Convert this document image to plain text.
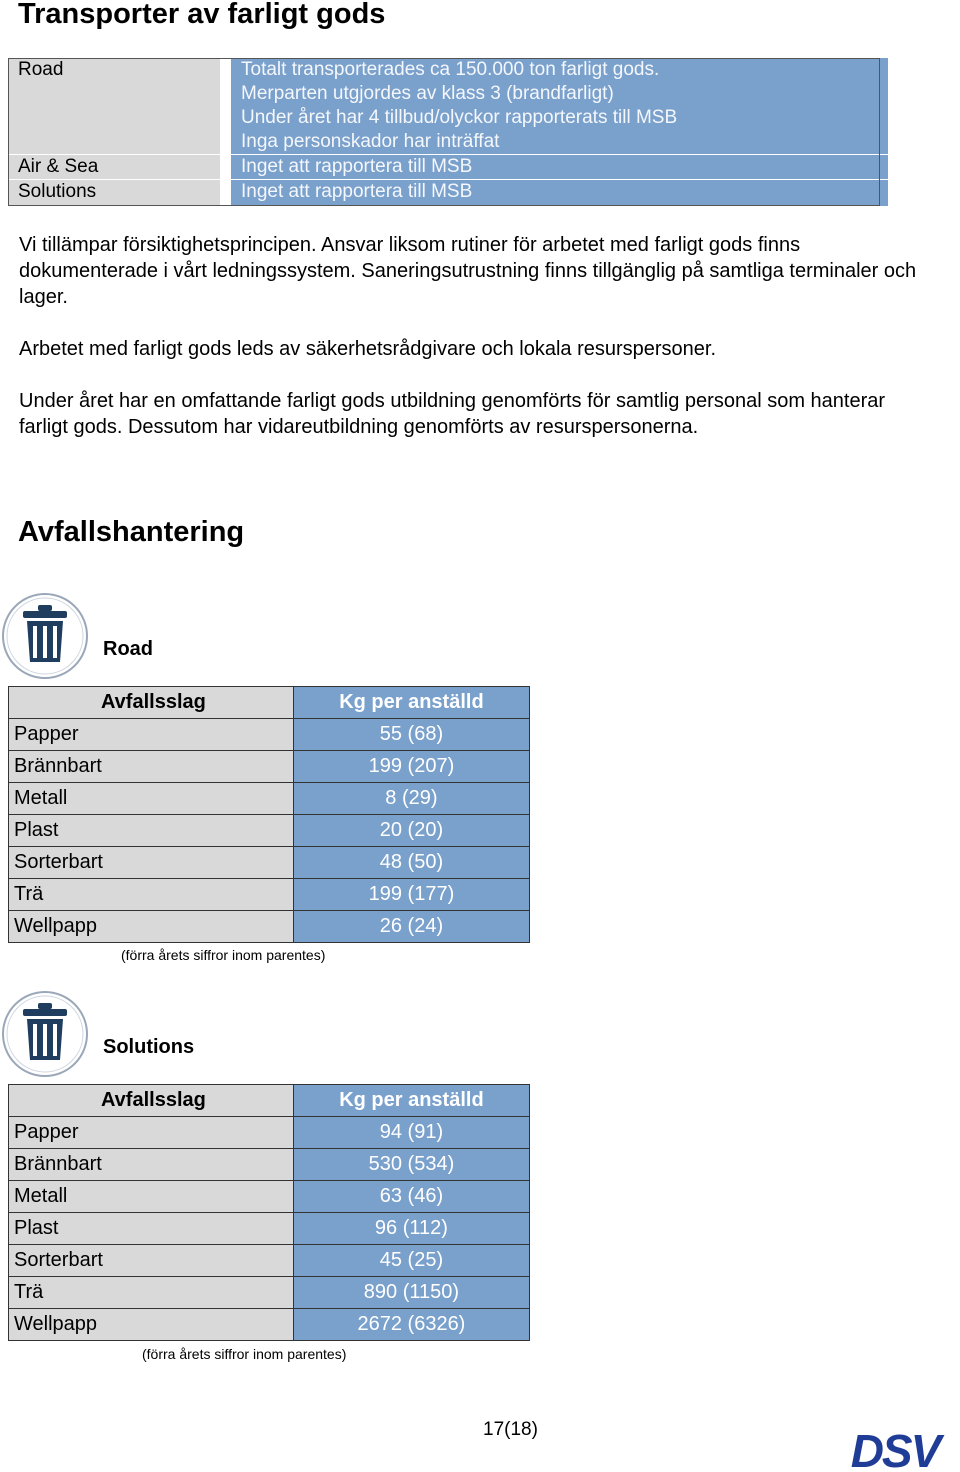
Transporter av farligt gods
Road	Totalt transporterades ca 150.000 ton farligt gods.
Merparten utgjordes av klass 3 (brandfarligt)
Under året har 4 tillbud/olyckor rapporterats till MSB
Inga personskador har inträffat
Air & Sea	Inget att rapportera till MSB
Solutions	Inget att rapportera till MSB

Vi tillämpar försiktighetsprincipen. Ansvar liksom rutiner för arbetet med farligt gods finns dokumenterade i vårt ledningssystem. Saneringsutrustning finns tillgänglig på samtliga terminaler och lager.

Arbetet med farligt gods leds av säkerhetsrådgivare och lokala resurspersoner.

Under året har en omfattande farligt gods utbildning genomförts för samtlig personal som hanterar farligt gods. Dessutom har vidareutbildning genomförts av resurspersonerna.

Avfallshantering
Road
Avfallsslag	Kg per anställd
Papper	55 (68)
Brännbart	199 (207)
Metall	8 (29)
Plast	20 (20)
Sorterbart	48 (50)
Trä	199 (177)
Wellpapp	26 (24)
(förra årets siffror inom parentes)
Solutions
Avfallsslag	Kg per anställd
Papper	94 (91)
Brännbart	530 (534)
Metall	63 (46)
Plast	96 (112)
Sorterbart	45 (25)
Trä	890 (1150)
Wellpapp	2672 (6326)
(förra årets siffror inom parentes)
17(18)	DSV
